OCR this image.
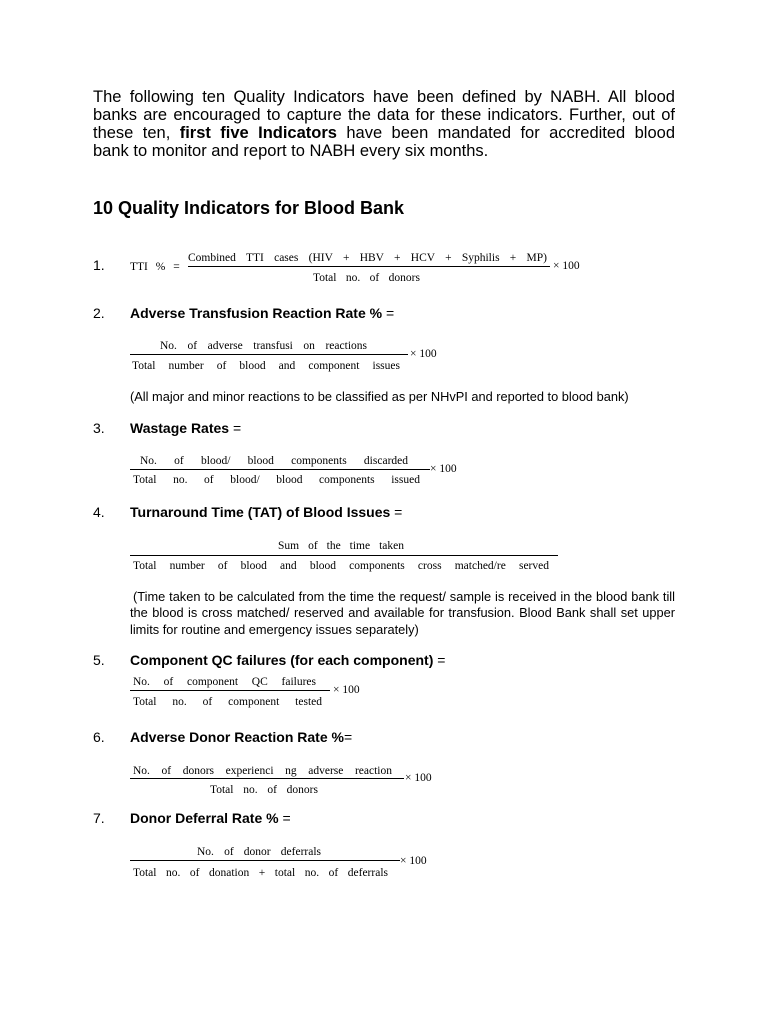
The following ten Quality Indicators have been defined by NABH. All blood
banks are encouraged to capture the data for these indicators. Further, out of
these ten, first five Indicators have been mandated for accredited blood
bank to monitor and report to NABH every six months.
10 Quality Indicators for Blood Bank
1. TTI % =
Combined TTI cases (HIV + HBV + HCV + Syphilis + MP)
× 100
Total no. of donors
2. Adverse Transfusion Reaction Rate % =
No. of adverse transfusi on reactions
× 100
Total number of blood and component issues
(All major and minor reactions to be classified as per NHvPI and reported to blood bank)
3. Wastage Rates =
No. of blood/ blood components discarded
× 100
Total no. of blood/ blood components issued
4. Turnaround Time (TAT) of Blood Issues =
Sum of the time taken
Total number of blood and blood components cross matched/re served
(Time taken to be calculated from the time the request/ sample is received in the blood bank till
the blood is cross matched/ reserved and available for transfusion. Blood Bank shall set upper
limits for routine and emergency issues separately)
5. Component QC failures (for each component) =
No. of component QC failures
× 100
Total no. of component tested
6. Adverse Donor Reaction Rate %=
No. of donors experienci ng adverse reaction
× 100
Total no. of donors
7. Donor Deferral Rate % =
No. of donor deferrals
× 100
Total no. of donation + total no. of deferrals
